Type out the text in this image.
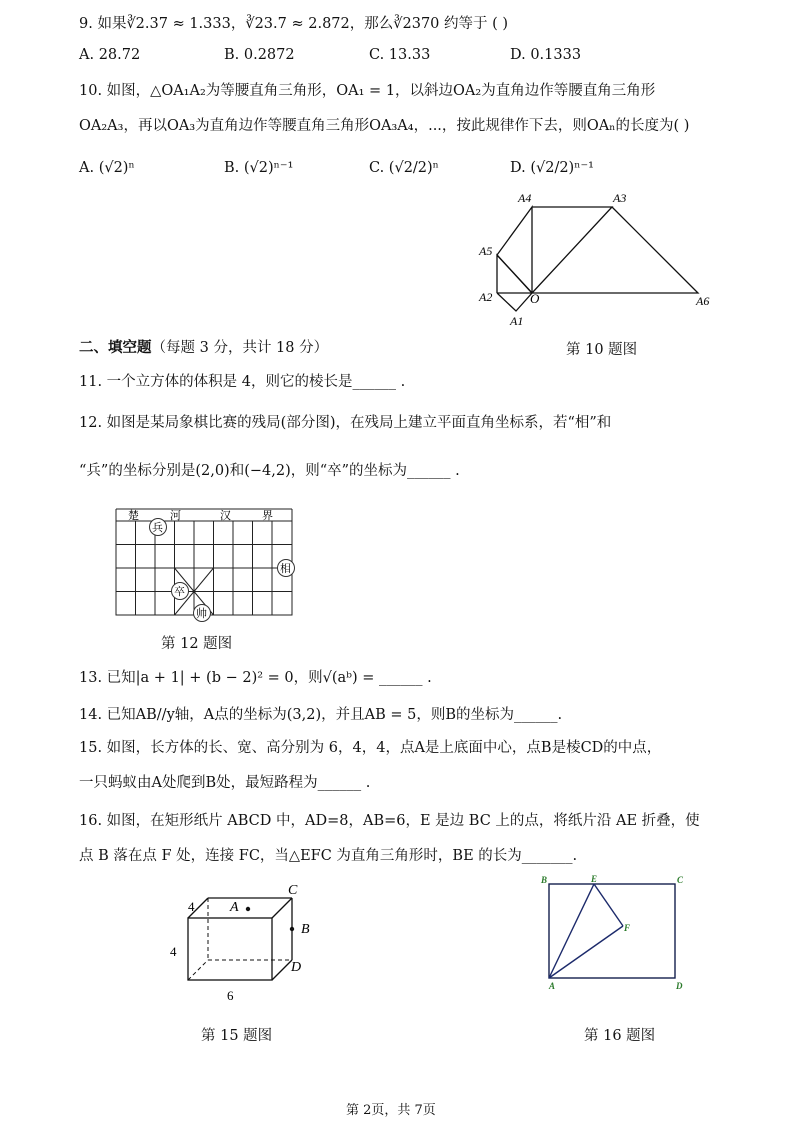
9. 如果∛2.37 ≈ 1.333，∛23.7 ≈ 2.872，那么∛2370 约等于 ( )
A. 28.72	B. 0.2872	C. 13.33	D. 0.1333
10. 如图，△OA₁A₂为等腰直角三角形，OA₁ = 1，以斜边OA₂为直角边作等腰直角三角形
OA₂A₃，再以OA₃为直角边作等腰直角三角形OA₃A₄，...，按此规律作下去，则OAₙ的长度为( )
A. (√2)ⁿ	B. (√2)ⁿ⁻¹	C. (√2/2)ⁿ	D. (√2/2)ⁿ⁻¹
A4
A5
A3
A2	O
A1
A6
二、填空题（每题 3 分，共计 18 分）	第 10 题图
11. 一个立方体的体积是 4，则它的棱长是______ .
12. 如图是某局象棋比赛的残局(部分图)，在残局上建立平面直角坐标系，若“相”和
“兵”的坐标分别是(2,0)和(−4,2)，则“卒”的坐标为______ .
楚	河	汉	界
兵
相
卒
帅
第 12 题图
13. 已知|a + 1| + (b − 2)² = 0，则√(aᵇ) = ______ .
14. 已知AB//y轴，A点的坐标为(3,2)，并且AB = 5，则B的坐标为______.
15. 如图，长方体的长、宽、高分别为 6，4，4，点A是上底面中心，点B是棱CD的中点，
一只蚂蚁由A处爬到B处，最短路程为______ .
16. 如图，在矩形纸片 ABCD 中，AD=8，AB=6，E 是边 BC 上的点，将纸片沿 AE 折叠，使
点 B 落在点 F 处，连接 FC，当△EFC 为直角三角形时，BE 的长为_______.
A
B
C
D
4
4
6
第 15 题图
B	E	C
F
A	D
第 16 题图
第 2页，共 7页
